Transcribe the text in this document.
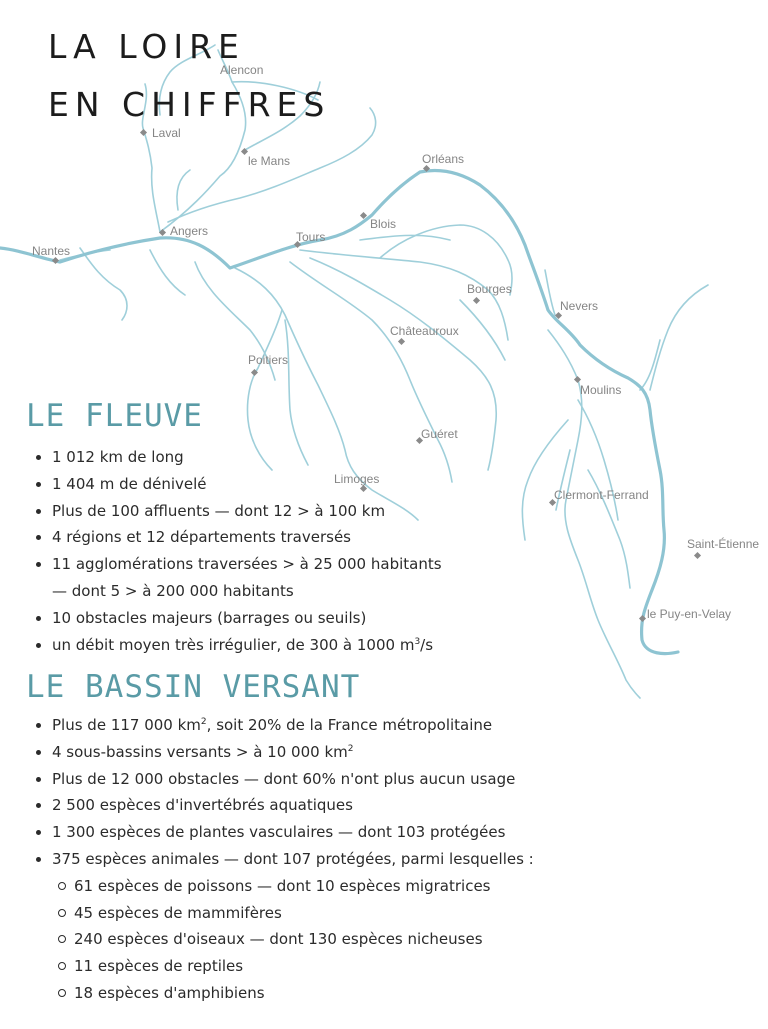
Alencon
Laval
le Mans	Orléans
Angers	Blois
Nantes
Tours
Bourges
Nevers
Châteauroux
Poitiers
Moulins
Guéret
Limoges
Clermont-Ferrand
Saint-Étienne
le Puy-en-Velay
LA LOIRE
EN CHIFFRES
LE FLEUVE
1 012 km de long
1 404 m de dénivelé
Plus de 100 affluents — dont 12 > à 100 km
4 régions et 12 départements traversés
11 agglomérations traversées > à 25 000 habitants
— dont 5 > à 200 000 habitants
10 obstacles majeurs (barrages ou seuils)
un débit moyen très irrégulier, de 300 à 1000 $m^3/s$
LE BASSIN VERSANT
Plus de 117 000 $km^2$, soit 20% de la France métropolitaine
4 sous-bassins versants > à 10 000 $km^2$
Plus de 12 000 obstacles — dont 60% n'ont plus aucun usage
2 500 espèces d'invertébrés aquatiques
1 300 espèces de plantes vasculaires — dont 103 protégées
375 espèces animales — dont 107 protégées, parmi lesquelles :
61 espèces de poissons — dont 10 espèces migratrices
45 espèces de mammifères
240 espèces d'oiseaux — dont 130 espèces nicheuses
11 espèces de reptiles
18 espèces d'amphibiens
